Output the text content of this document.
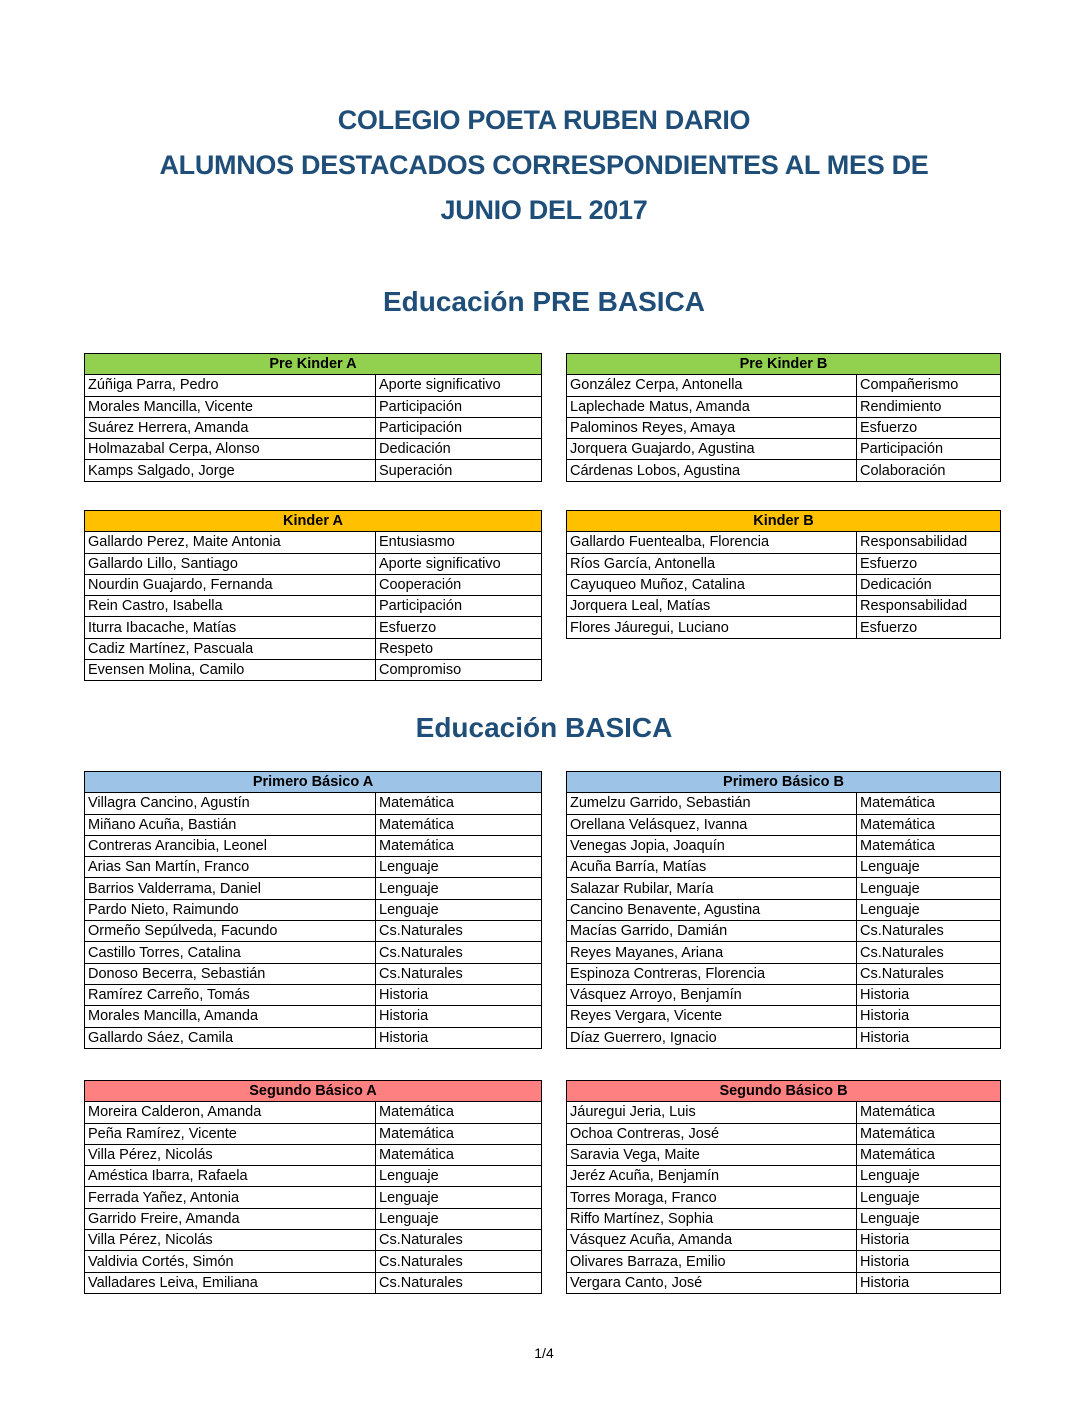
COLEGIO POETA RUBEN DARIO
ALUMNOS DESTACADOS CORRESPONDIENTES AL MES DE
JUNIO DEL 2017
Educación PRE BASICA
Pre Kinder A	
Zúñiga Parra, Pedro	Aporte significativo
Morales Mancilla, Vicente	Participación
Suárez Herrera, Amanda	Participación
Holmazabal Cerpa, Alonso	Dedicación
Kamps Salgado, Jorge	Superación
Pre Kinder B	
González Cerpa, Antonella	Compañerismo
Laplechade Matus, Amanda	Rendimiento
Palominos Reyes, Amaya	Esfuerzo
Jorquera Guajardo, Agustina	Participación
Cárdenas Lobos, Agustina	Colaboración
Kinder A	
Gallardo Perez, Maite Antonia	Entusiasmo
Gallardo Lillo, Santiago	Aporte significativo
Nourdin Guajardo, Fernanda	Cooperación
Rein Castro, Isabella	Participación
Iturra Ibacache, Matías	Esfuerzo
Cadiz Martínez, Pascuala	Respeto
Evensen Molina, Camilo	Compromiso
Kinder B	
Gallardo Fuentealba, Florencia	Responsabilidad
Ríos García, Antonella	Esfuerzo
Cayuqueo Muñoz, Catalina	Dedicación
Jorquera Leal, Matías	Responsabilidad
Flores Jáuregui, Luciano	Esfuerzo
Educación BASICA
Primero Básico A	
Villagra Cancino, Agustín	Matemática
Miñano Acuña, Bastián	Matemática
Contreras Arancibia, Leonel	Matemática
Arias San Martín, Franco	Lenguaje
Barrios Valderrama, Daniel	Lenguaje
Pardo Nieto, Raimundo	Lenguaje
Ormeño Sepúlveda, Facundo	Cs.Naturales
Castillo Torres, Catalina	Cs.Naturales
Donoso Becerra, Sebastián	Cs.Naturales
Ramírez Carreño, Tomás	Historia
Morales Mancilla, Amanda	Historia
Gallardo Sáez, Camila	Historia
Primero Básico B	
Zumelzu Garrido, Sebastián	Matemática
Orellana Velásquez, Ivanna	Matemática
Venegas Jopia, Joaquín	Matemática
Acuña Barría, Matías	Lenguaje
Salazar Rubilar, María	Lenguaje
Cancino Benavente, Agustina	Lenguaje
Macías Garrido, Damián	Cs.Naturales
Reyes Mayanes, Ariana	Cs.Naturales
Espinoza Contreras, Florencia	Cs.Naturales
Vásquez Arroyo, Benjamín	Historia
Reyes Vergara, Vicente	Historia
Díaz Guerrero, Ignacio	Historia
Segundo Básico A	
Moreira Calderon, Amanda	Matemática
Peña Ramírez, Vicente	Matemática
Villa Pérez, Nicolás	Matemática
Améstica Ibarra, Rafaela	Lenguaje
Ferrada Yañez, Antonia	Lenguaje
Garrido Freire, Amanda	Lenguaje
Villa Pérez, Nicolás	Cs.Naturales
Valdivia Cortés, Simón	Cs.Naturales
Valladares Leiva, Emiliana	Cs.Naturales
Segundo Básico B	
Jáuregui Jeria, Luis	Matemática
Ochoa Contreras, José	Matemática
Saravia Vega, Maite	Matemática
Jeréz Acuña, Benjamín	Lenguaje
Torres Moraga, Franco	Lenguaje
Riffo Martínez, Sophia	Lenguaje
Vásquez Acuña, Amanda	Historia
Olivares Barraza, Emilio	Historia
Vergara Canto, José	Historia
1/4
